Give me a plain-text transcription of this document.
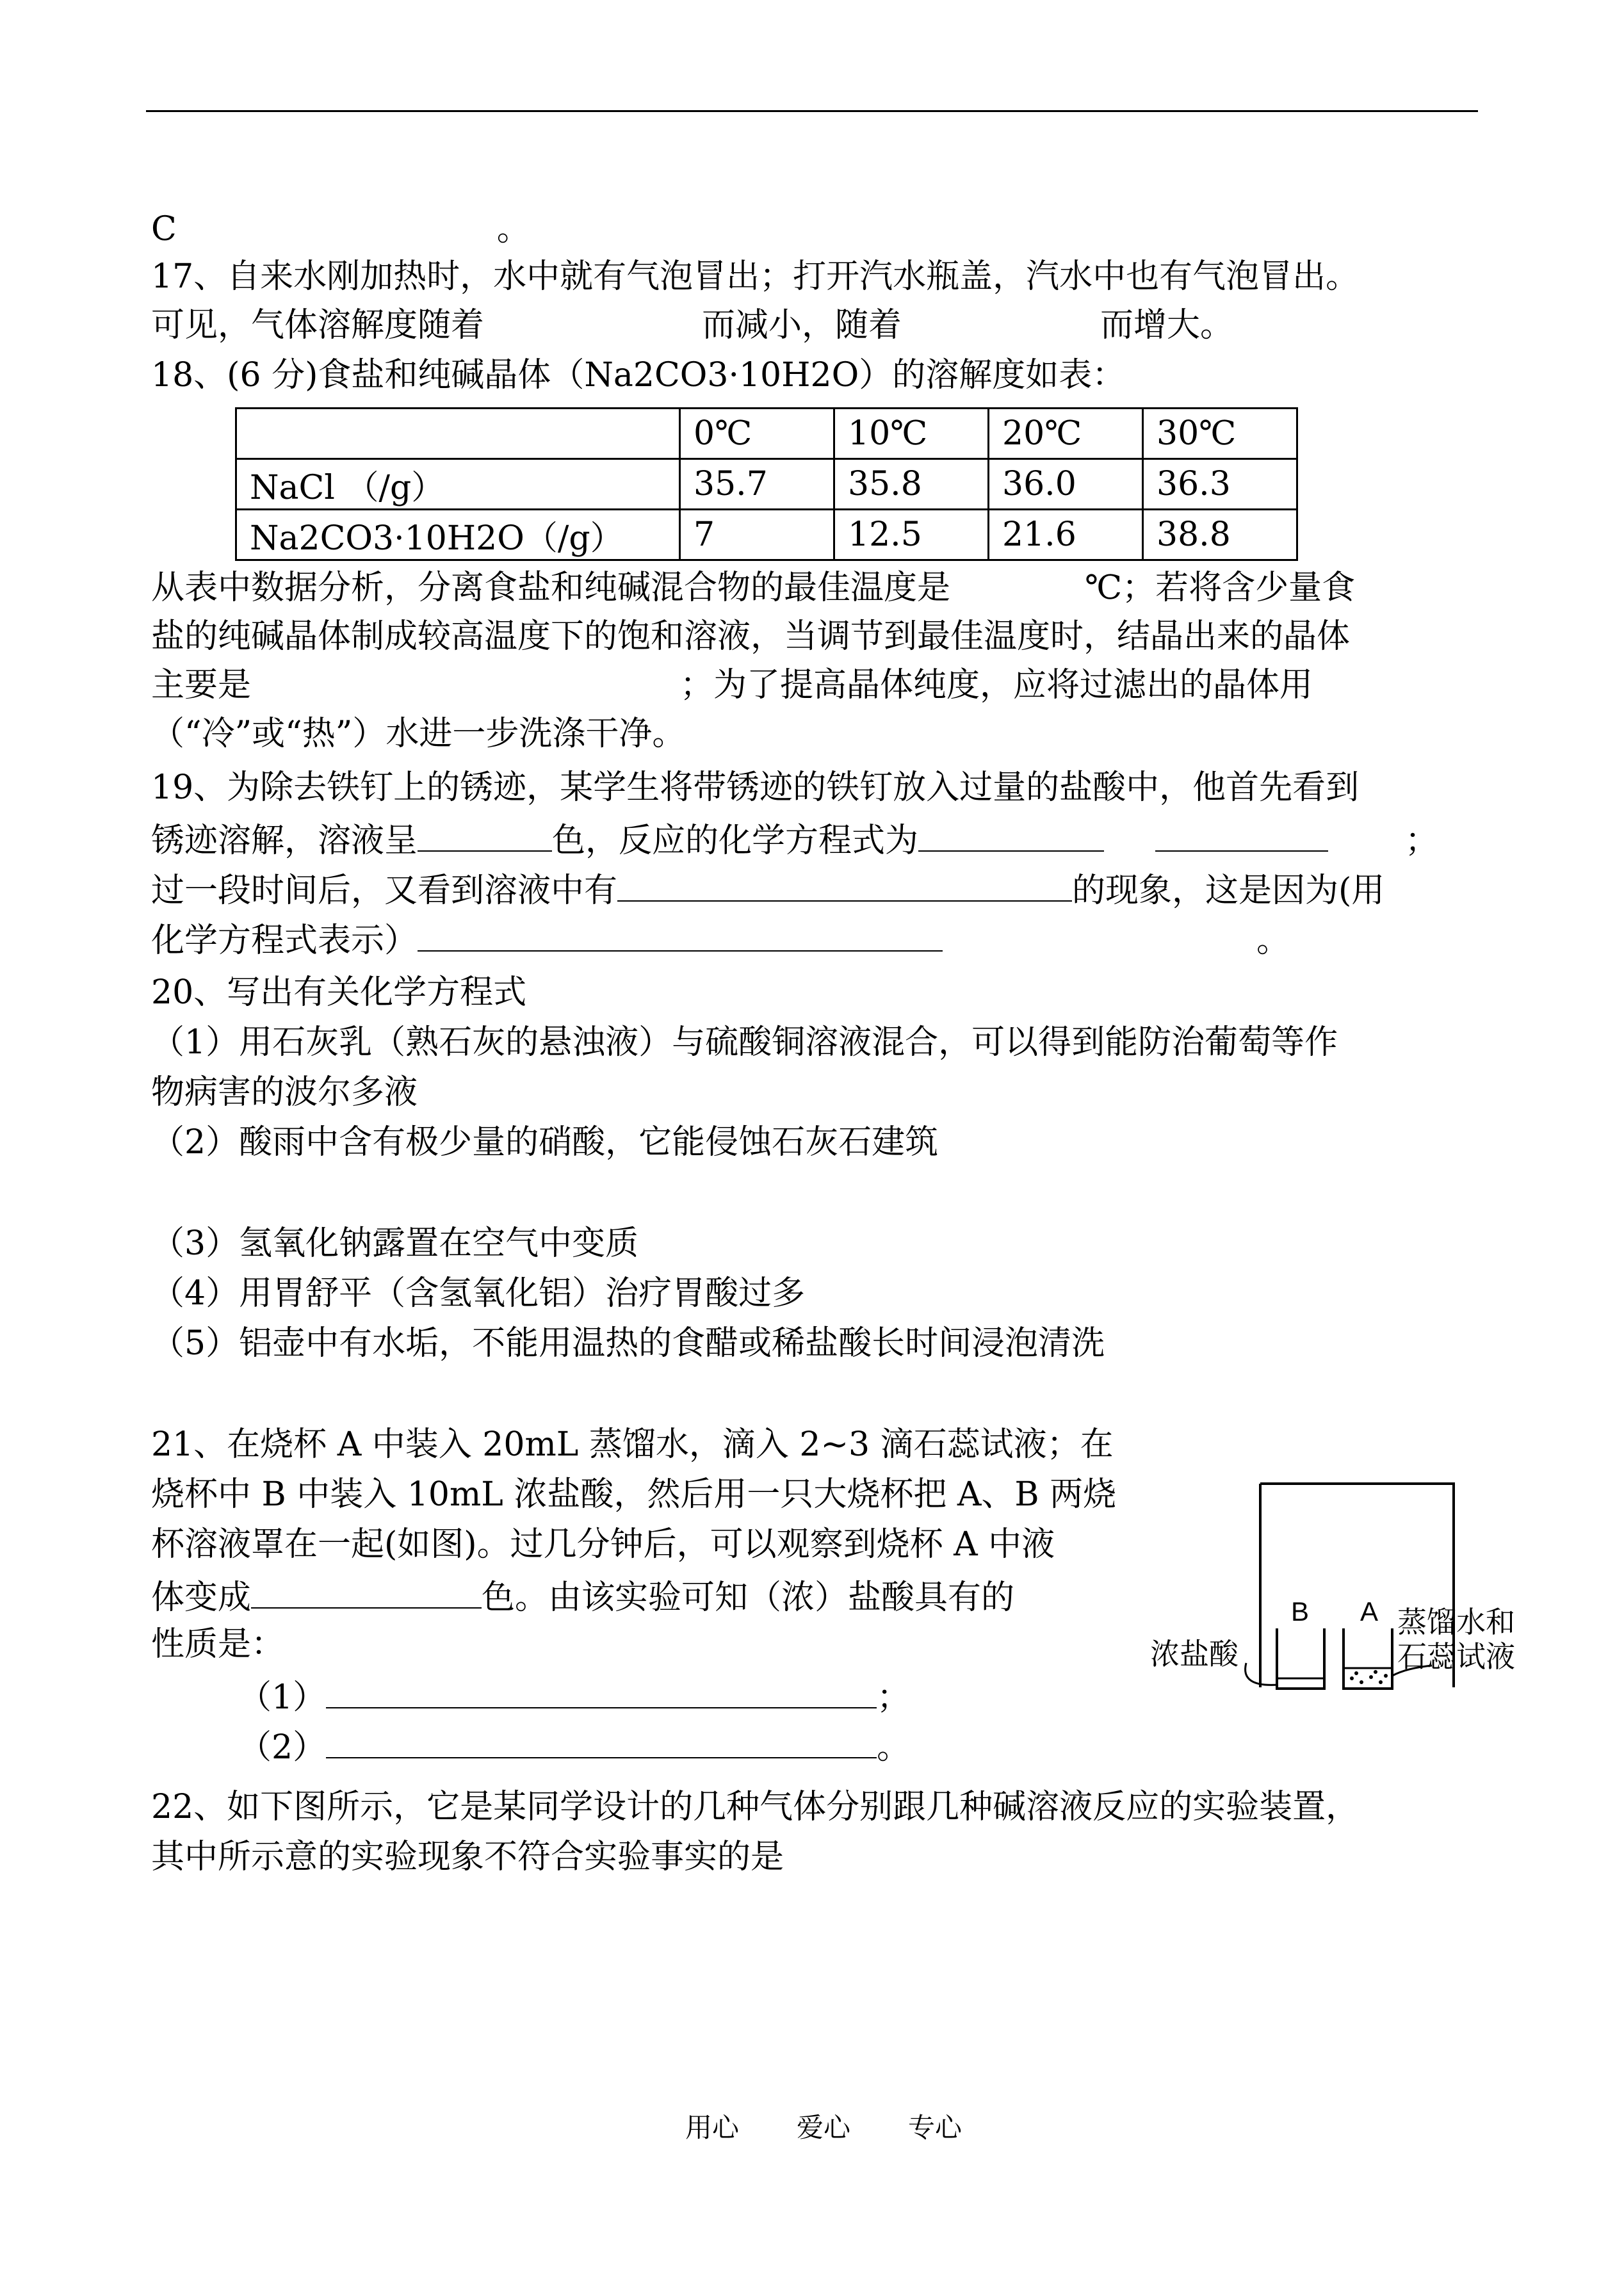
C	。
17、自来水刚加热时，水中就有气泡冒出；打开汽水瓶盖，汽水中也有气泡冒出。
可见，气体溶解度随着	而减小，随着	而增大。
18、(6 分)食盐和纯碱晶体（Na2CO3·10H2O）的溶解度如表：
	0℃	10℃	20℃	30℃
NaCl （/g）	35.7	35.8	36.0	36.3
Na2CO3·10H2O（/g）	7	12.5	21.6	38.8
从表中数据分析，分离食盐和纯碱混合物的最佳温度是	℃；若将含少量食
盐的纯碱晶体制成较高温度下的饱和溶液，当调节到最佳温度时，结晶出来的晶体
主要是	；为了提高晶体纯度，应将过滤出的晶体用
（“冷”或“热”）水进一步洗涤干净。
19、为除去铁钉上的锈迹，某学生将带锈迹的铁钉放入过量的盐酸中，他首先看到
锈迹溶解，溶液呈	色，反应的化学方程式为	；
过一段时间后，又看到溶液中有	的现象，这是因为(用
化学方程式表示）	。
20、写出有关化学方程式
（1）用石灰乳（熟石灰的悬浊液）与硫酸铜溶液混合，可以得到能防治葡萄等作
物病害的波尔多液
（2）酸雨中含有极少量的硝酸，它能侵蚀石灰石建筑
（3）氢氧化钠露置在空气中变质
（4）用胃舒平（含氢氧化铝）治疗胃酸过多
（5）铝壶中有水垢，不能用温热的食醋或稀盐酸长时间浸泡清洗
21、在烧杯 A 中装入 20mL 蒸馏水，滴入 2~3 滴石蕊试液；在
烧杯中 B 中装入 10mL 浓盐酸，然后用一只大烧杯把 A、B 两烧
杯溶液罩在一起(如图)。过几分钟后，可以观察到烧杯 A 中液
体变成	色。由该实验可知（浓）盐酸具有的
性质是：
（1）	；
（2）	。
浓盐酸
B A 蒸馏水和
石蕊试液
22、如下图所示，它是某同学设计的几种气体分别跟几种碱溶液反应的实验装置，
其中所示意的实验现象不符合实验事实的是
用心 爱心 专心
